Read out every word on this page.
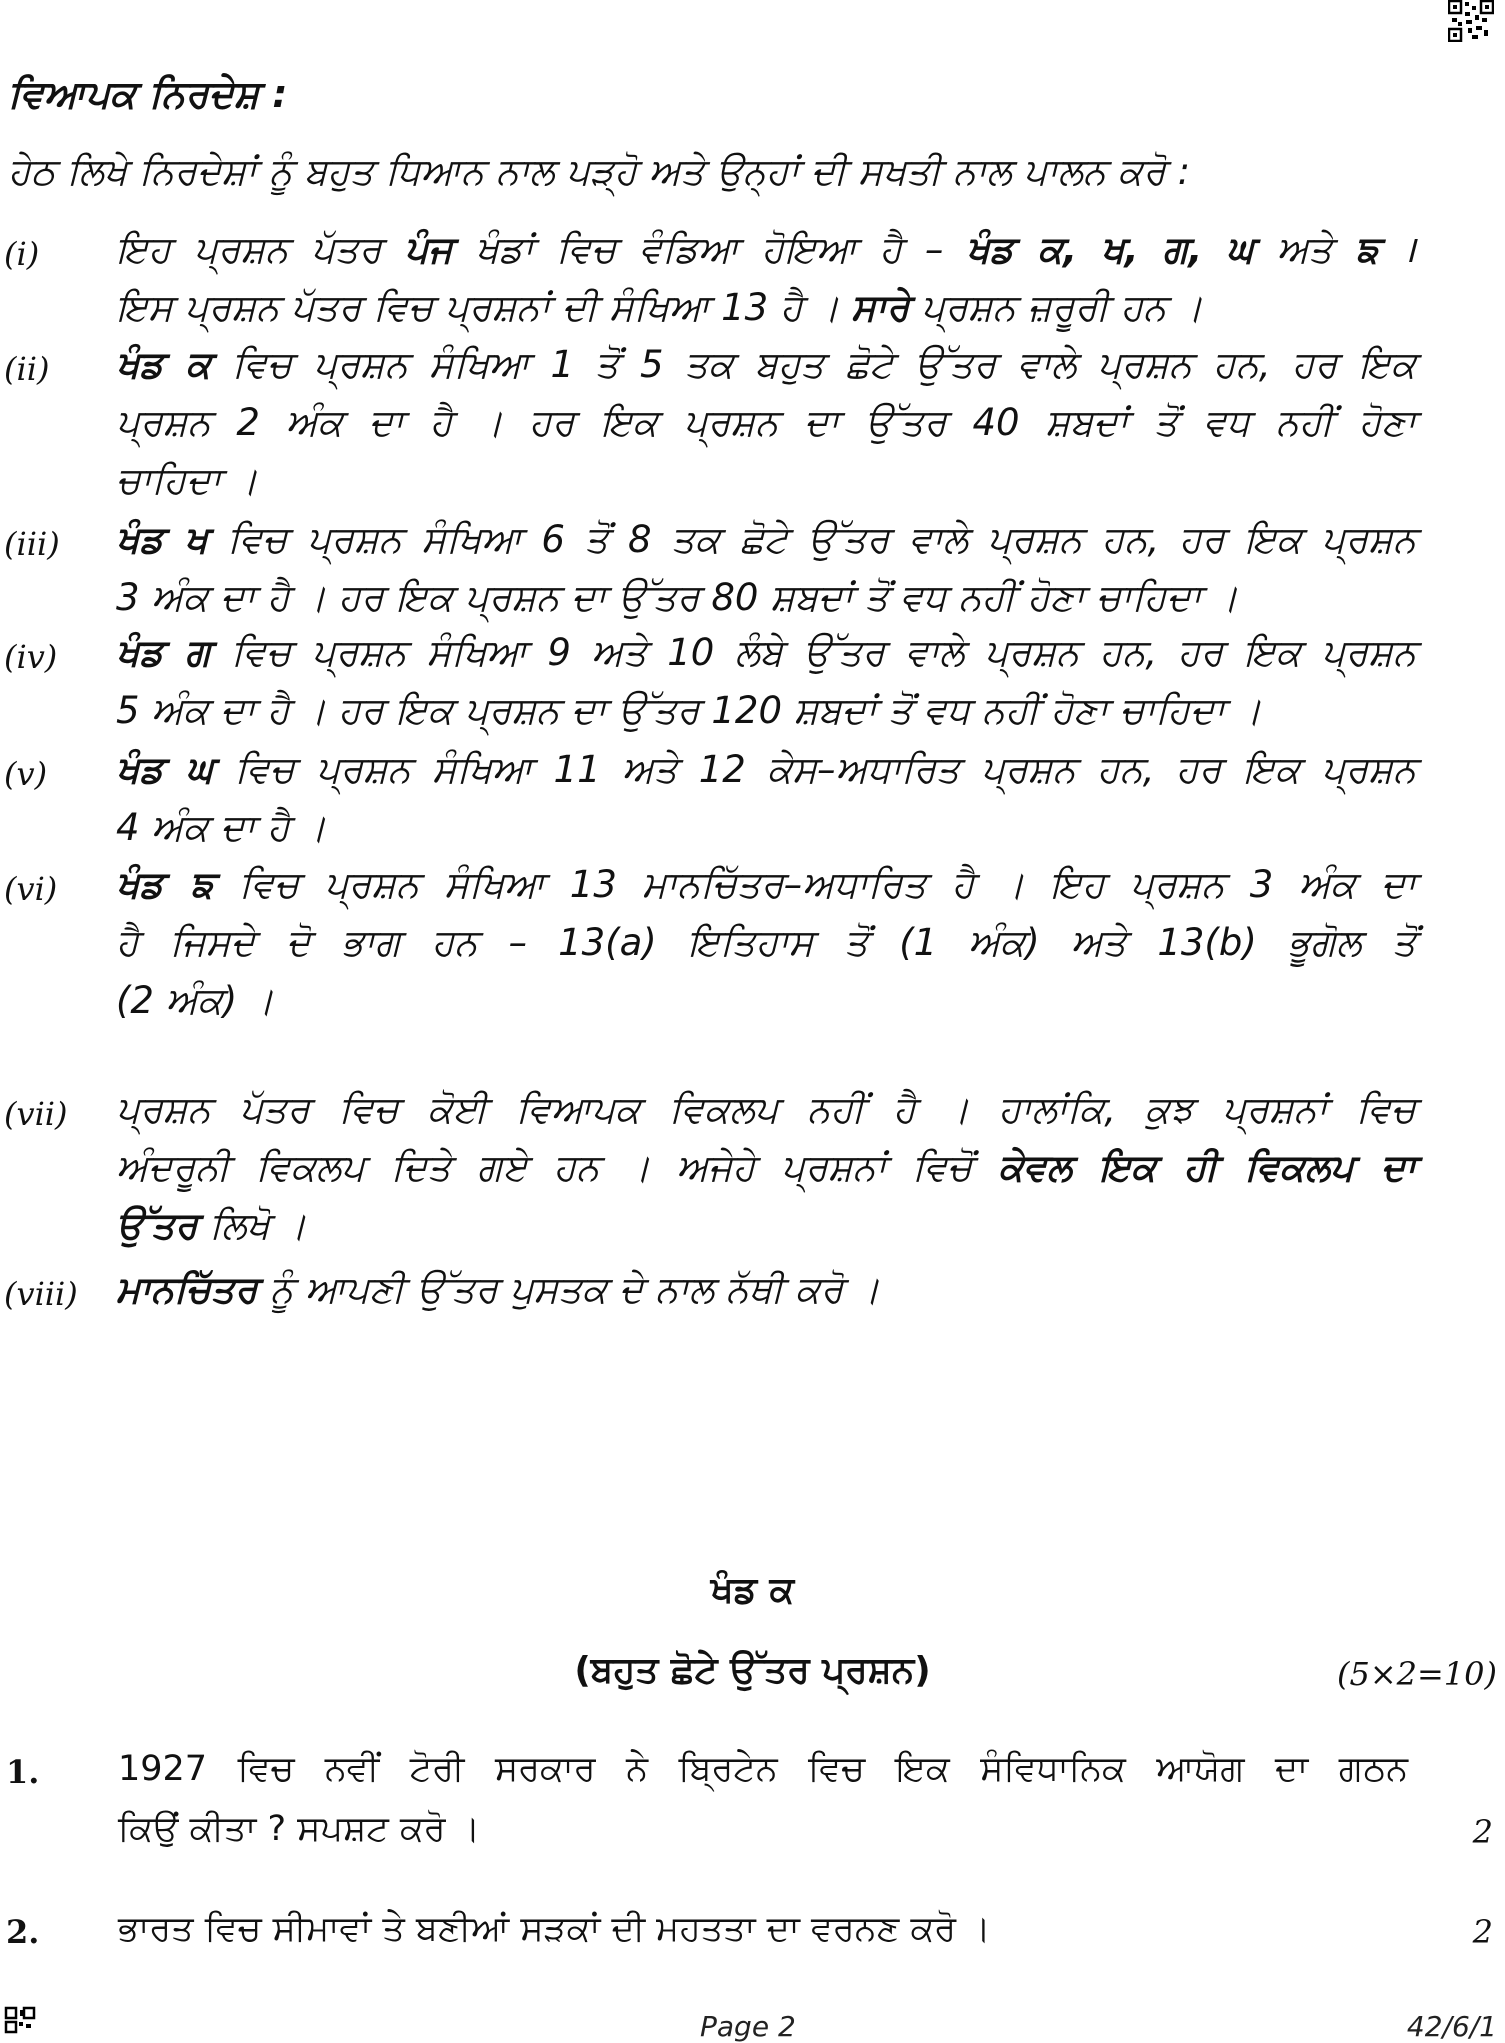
ਵਿਆਪਕ ਨਿਰਦੇਸ਼ :
ਹੇਠ ਲਿਖੇ ਨਿਰਦੇਸ਼ਾਂ ਨੂੰ ਬਹੁਤ ਧਿਆਨ ਨਾਲ ਪੜ੍ਹੋ ਅਤੇ ਉਨ੍ਹਾਂ ਦੀ ਸਖਤੀ ਨਾਲ ਪਾਲਨ ਕਰੋ :
(i) ਇਹ ਪ੍ਰਸ਼ਨ ਪੱਤਰ ਪੰਜ ਖੰਡਾਂ ਵਿਚ ਵੰਡਿਆ ਹੋਇਆ ਹੈ – ਖੰਡ ਕ, ਖ, ਗ, ਘ ਅਤੇ ਙ ।
ਇਸ ਪ੍ਰਸ਼ਨ ਪੱਤਰ ਵਿਚ ਪ੍ਰਸ਼ਨਾਂ ਦੀ ਸੰਖਿਆ 13 ਹੈ । ਸਾਰੇ ਪ੍ਰਸ਼ਨ ਜ਼ਰੂਰੀ ਹਨ ।
(ii) ਖੰਡ ਕ ਵਿਚ ਪ੍ਰਸ਼ਨ ਸੰਖਿਆ 1 ਤੋਂ 5 ਤਕ ਬਹੁਤ ਛੋਟੇ ਉੱਤਰ ਵਾਲੇ ਪ੍ਰਸ਼ਨ ਹਨ, ਹਰ ਇਕ
ਪ੍ਰਸ਼ਨ 2 ਅੰਕ ਦਾ ਹੈ । ਹਰ ਇਕ ਪ੍ਰਸ਼ਨ ਦਾ ਉੱਤਰ 40 ਸ਼ਬਦਾਂ ਤੋਂ ਵਧ ਨਹੀਂ ਹੋਣਾ
ਚਾਹਿਦਾ ।
(iii) ਖੰਡ ਖ ਵਿਚ ਪ੍ਰਸ਼ਨ ਸੰਖਿਆ 6 ਤੋਂ 8 ਤਕ ਛੋਟੇ ਉੱਤਰ ਵਾਲੇ ਪ੍ਰਸ਼ਨ ਹਨ, ਹਰ ਇਕ ਪ੍ਰਸ਼ਨ
3 ਅੰਕ ਦਾ ਹੈ । ਹਰ ਇਕ ਪ੍ਰਸ਼ਨ ਦਾ ਉੱਤਰ 80 ਸ਼ਬਦਾਂ ਤੋਂ ਵਧ ਨਹੀਂ ਹੋਣਾ ਚਾਹਿਦਾ ।
(iv) ਖੰਡ ਗ ਵਿਚ ਪ੍ਰਸ਼ਨ ਸੰਖਿਆ 9 ਅਤੇ 10 ਲੰਬੇ ਉੱਤਰ ਵਾਲੇ ਪ੍ਰਸ਼ਨ ਹਨ, ਹਰ ਇਕ ਪ੍ਰਸ਼ਨ
5 ਅੰਕ ਦਾ ਹੈ । ਹਰ ਇਕ ਪ੍ਰਸ਼ਨ ਦਾ ਉੱਤਰ 120 ਸ਼ਬਦਾਂ ਤੋਂ ਵਧ ਨਹੀਂ ਹੋਣਾ ਚਾਹਿਦਾ ।
(v) ਖੰਡ ਘ ਵਿਚ ਪ੍ਰਸ਼ਨ ਸੰਖਿਆ 11 ਅਤੇ 12 ਕੇਸ–ਅਧਾਰਿਤ ਪ੍ਰਸ਼ਨ ਹਨ, ਹਰ ਇਕ ਪ੍ਰਸ਼ਨ
4 ਅੰਕ ਦਾ ਹੈ ।
(vi) ਖੰਡ ਙ ਵਿਚ ਪ੍ਰਸ਼ਨ ਸੰਖਿਆ 13 ਮਾਨਚਿੱਤਰ–ਅਧਾਰਿਤ ਹੈ । ਇਹ ਪ੍ਰਸ਼ਨ 3 ਅੰਕ ਦਾ
ਹੈ ਜਿਸਦੇ ਦੋ ਭਾਗ ਹਨ – 13(a) ਇਤਿਹਾਸ ਤੋਂ (1 ਅੰਕ) ਅਤੇ 13(b) ਭੂਗੋਲ ਤੋਂ
(2 ਅੰਕ) ।
(vii) ਪ੍ਰਸ਼ਨ ਪੱਤਰ ਵਿਚ ਕੋਈ ਵਿਆਪਕ ਵਿਕਲਪ ਨਹੀਂ ਹੈ । ਹਾਲਾਂਕਿ, ਕੁਝ ਪ੍ਰਸ਼ਨਾਂ ਵਿਚ
ਅੰਦਰੂਨੀ ਵਿਕਲਪ ਦਿਤੇ ਗਏ ਹਨ । ਅਜੇਹੇ ਪ੍ਰਸ਼ਨਾਂ ਵਿਚੋਂ ਕੇਵਲ ਇਕ ਹੀ ਵਿਕਲਪ ਦਾ
ਉੱਤਰ ਲਿਖੋ ।
(viii) ਮਾਨਚਿੱਤਰ ਨੂੰ ਆਪਣੀ ਉੱਤਰ ਪੁਸਤਕ ਦੇ ਨਾਲ ਨੱਥੀ ਕਰੋ ।
ਖੰਡ ਕ
(ਬਹੁਤ ਛੋਟੇ ਉੱਤਰ ਪ੍ਰਸ਼ਨ)	(5×2=10)
1. 1927 ਵਿਚ ਨਵੀਂ ਟੋਰੀ ਸਰਕਾਰ ਨੇ ਬ੍ਰਿਟੇਨ ਵਿਚ ਇਕ ਸੰਵਿਧਾਨਿਕ ਆਯੋਗ ਦਾ ਗਠਨ
ਕਿਉਂ ਕੀਤਾ ? ਸਪਸ਼ਟ ਕਰੋ ।	2
2. ਭਾਰਤ ਵਿਚ ਸੀਮਾਵਾਂ ਤੇ ਬਣੀਆਂ ਸੜਕਾਂ ਦੀ ਮਹਤਤਾ ਦਾ ਵਰਨਣ ਕਰੋ ।	2
Page 2	42/6/1
